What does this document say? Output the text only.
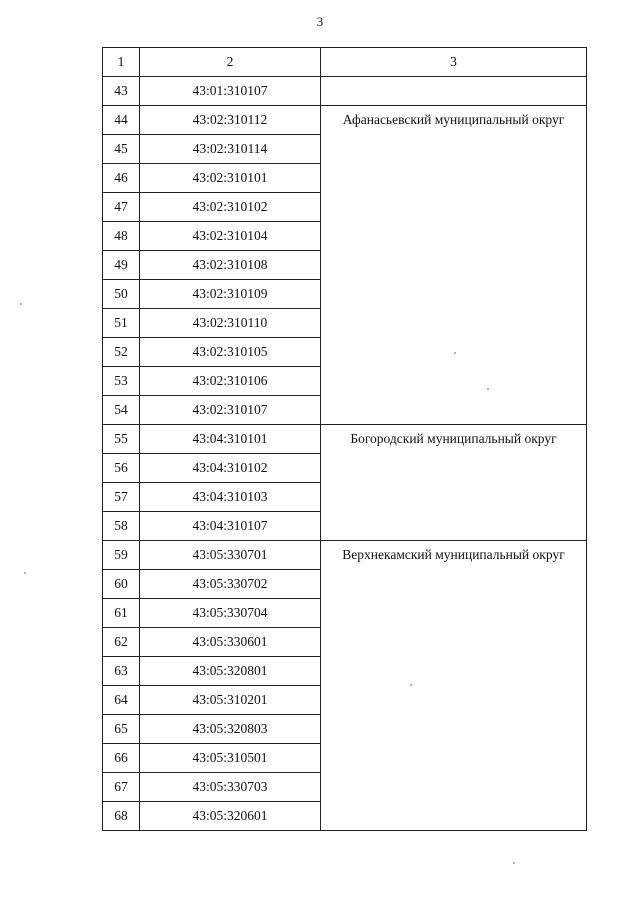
3
1	2	3
43	43:01:310107	
44	43:02:310112	Афанасьевский муниципальный округ
45	43:02:310114	
46	43:02:310101	
47	43:02:310102	
48	43:02:310104	
49	43:02:310108	
50	43:02:310109	
51	43:02:310110	
52	43:02:310105	
53	43:02:310106	
54	43:02:310107	
55	43:04:310101	Богородский муниципальный округ
56	43:04:310102	
57	43:04:310103	
58	43:04:310107	
59	43:05:330701	Верхнекамский муниципальный округ
60	43:05:330702	
61	43:05:330704	
62	43:05:330601	
63	43:05:320801	
64	43:05:310201	
65	43:05:320803	
66	43:05:310501	
67	43:05:330703	
68	43:05:320601	
